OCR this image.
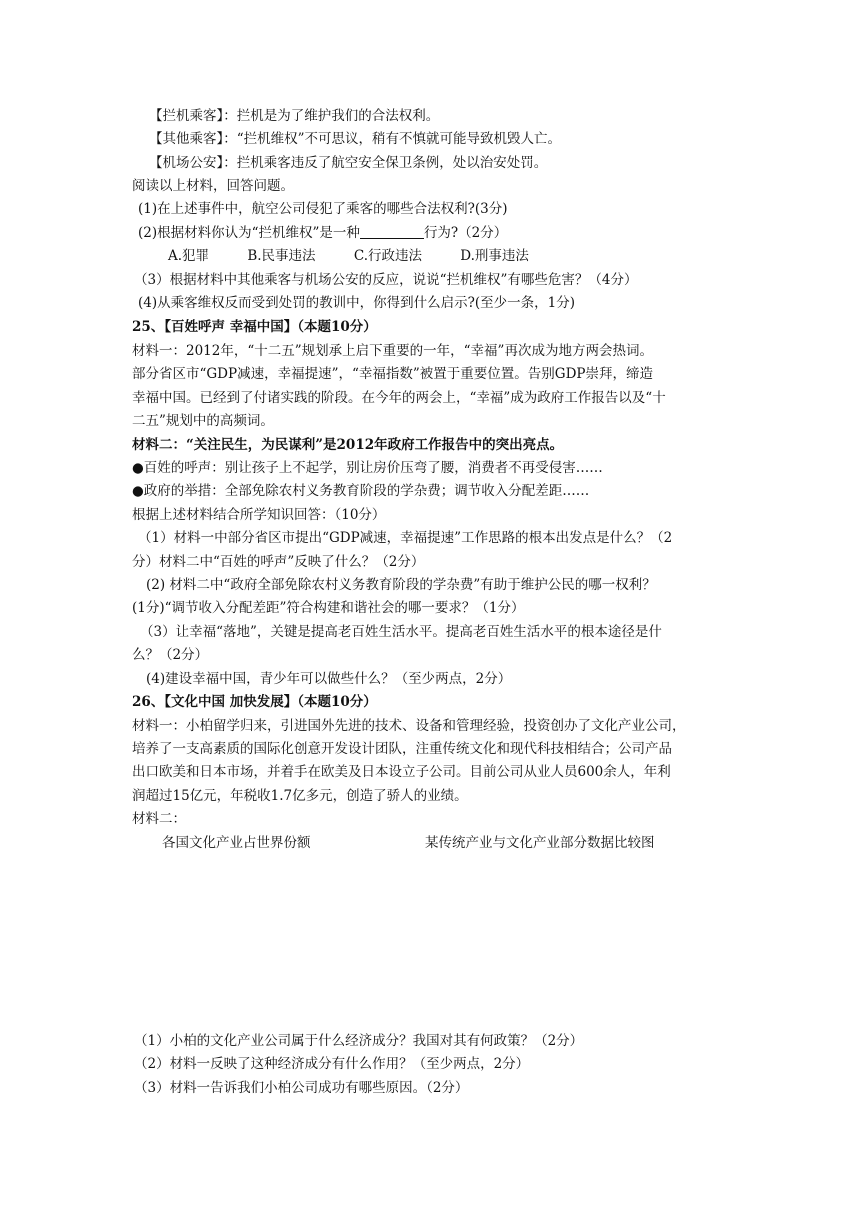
【拦机乘客】：拦机是为了维护我们的合法权利。
【其他乘客】：“拦机维权”不可思议，稍有不慎就可能导致机毁人亡。
【机场公安】：拦机乘客违反了航空安全保卫条例，处以治安处罚。
阅读以上材料，回答问题。
(1)在上述事件中，航空公司侵犯了乘客的哪些合法权利?(3分)
(2)根据材料你认为“拦机维权”是一种	行为?（2分）
A.犯罪	B.民事违法	C.行政违法	D.刑事违法
（3）根据材料中其他乘客与机场公安的反应，说说“拦机维权”有哪些危害？（4分）
(4)从乘客维权反而受到处罚的教训中，你得到什么启示?(至少一条，1分)
25、【百姓呼声 幸福中国】（本题10分）
材料一：2012年，“十二五”规划承上启下重要的一年，“幸福”再次成为地方两会热词。
部分省区市“GDP减速，幸福提速”，“幸福指数”被置于重要位置。告别GDP崇拜，缔造
幸福中国。已经到了付诸实践的阶段。在今年的两会上，“幸福”成为政府工作报告以及“十
二五”规划中的高频词。
材料二：“关注民生，为民谋利”是2012年政府工作报告中的突出亮点。
●百姓的呼声：别让孩子上不起学，别让房价压弯了腰，消费者不再受侵害……
●政府的举措：全部免除农村义务教育阶段的学杂费；调节收入分配差距……
根据上述材料结合所学知识回答：（10分）
（1）材料一中部分省区市提出“GDP减速，幸福提速”工作思路的根本出发点是什么？（2
分）材料二中“百姓的呼声”反映了什么？（2分）
(2) 材料二中“政府全部免除农村义务教育阶段的学杂费”有助于维护公民的哪一权利？
(1分)“调节收入分配差距”符合构建和谐社会的哪一要求？（1分）
（3）让幸福“落地”，关键是提高老百姓生活水平。提高老百姓生活水平的根本途径是什
么？（2分）
(4)建设幸福中国，青少年可以做些什么？（至少两点，2分）
26、【文化中国 加快发展】（本题10分）
材料一：小柏留学归来，引进国外先进的技术、设备和管理经验，投资创办了文化产业公司，
培养了一支高素质的国际化创意开发设计团队，注重传统文化和现代科技相结合；公司产品
出口欧美和日本市场，并着手在欧美及日本设立子公司。目前公司从业人员600余人，年利
润超过15亿元，年税收1.7亿多元，创造了骄人的业绩。
材料二：
各国文化产业占世界份额	某传统产业与文化产业部分数据比较图
（1）小柏的文化产业公司属于什么经济成分？我国对其有何政策？（2分）
（2）材料一反映了这种经济成分有什么作用？（至少两点，2分）
（3）材料一告诉我们小柏公司成功有哪些原因。（2分）
